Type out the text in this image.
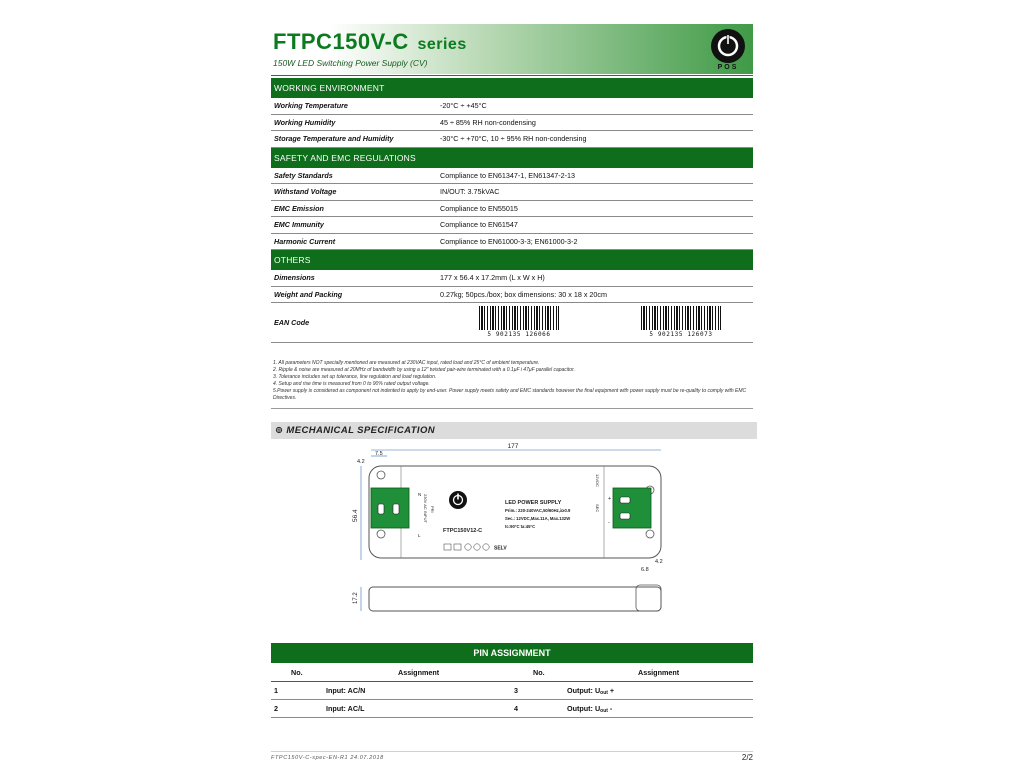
FTPC150V-C series
150W LED Switching Power Supply (CV)	POS
WORKING ENVIRONMENT
Working Temperature	-20°C ÷ +45°C
Working Humidity	45 ÷ 85% RH non-condensing
Storage Temperature and Humidity	-30°C ÷ +70°C, 10 ÷ 95% RH non-condensing
SAFETY AND EMC REGULATIONS
Safety Standards	Compliance to EN61347-1, EN61347-2-13
Withstand Voltage	IN/OUT: 3.75kVAC
EMC Emission	Compliance to EN55015
EMC Immunity	Compliance to EN61547
Harmonic Current	Compliance to EN61000-3-3; EN61000-3-2
OTHERS
Dimensions	177 x 56.4 x 17.2mm (L x W x H)
Weight and Packing	0.27kg; 50pcs./box; box dimensions: 30 x 18 x 20cm
EAN Code
5 902135 126066	5 902135 126073
1. All parameters NOT specially mentioned are measured at 230VAC input, rated load and 25°C of ambient temperature.
2. Ripple & noise are measured at 20MHz of bandwidth by using a 12" twisted pair-wire terminated with a 0.1μF i 47μF parallel capacitor.
3. Tolerance includes set up tolerance, line regulation and load regulation.
4. Setup and rise time is measured from 0 to 90% rated output voltage.
5.Power supply is considered as component not indented to apply by end-user. Power supply meets safety and EMC standards however the final equipment with power supply must be re-quality to comply with EMC Directives.
⊚ MECHANICAL SPECIFICATION
177
7.5
4.2
56.4
N
L
230V AC INPUT PRI
FTPC150V12-C
LED POWER SUPPLY
Prim.: 220-240VAC,50/60Hz,λ≥0.9
Sec.: 12VDC,Max.11A, Max.132W
tc:90°C ta:45°C
SELV
12VDC
SEC
+
-
4.2
6.8
17.2
PIN ASSIGNMENT
No.	Assignment	No.	Assignment
1	Input: AC/N	3	Output: $U_{out}$ +
2	Input: AC/L	4	Output: $U_{out}$ -
FTPC150V-C-spec-EN-R1 24.07.2018	2/2
